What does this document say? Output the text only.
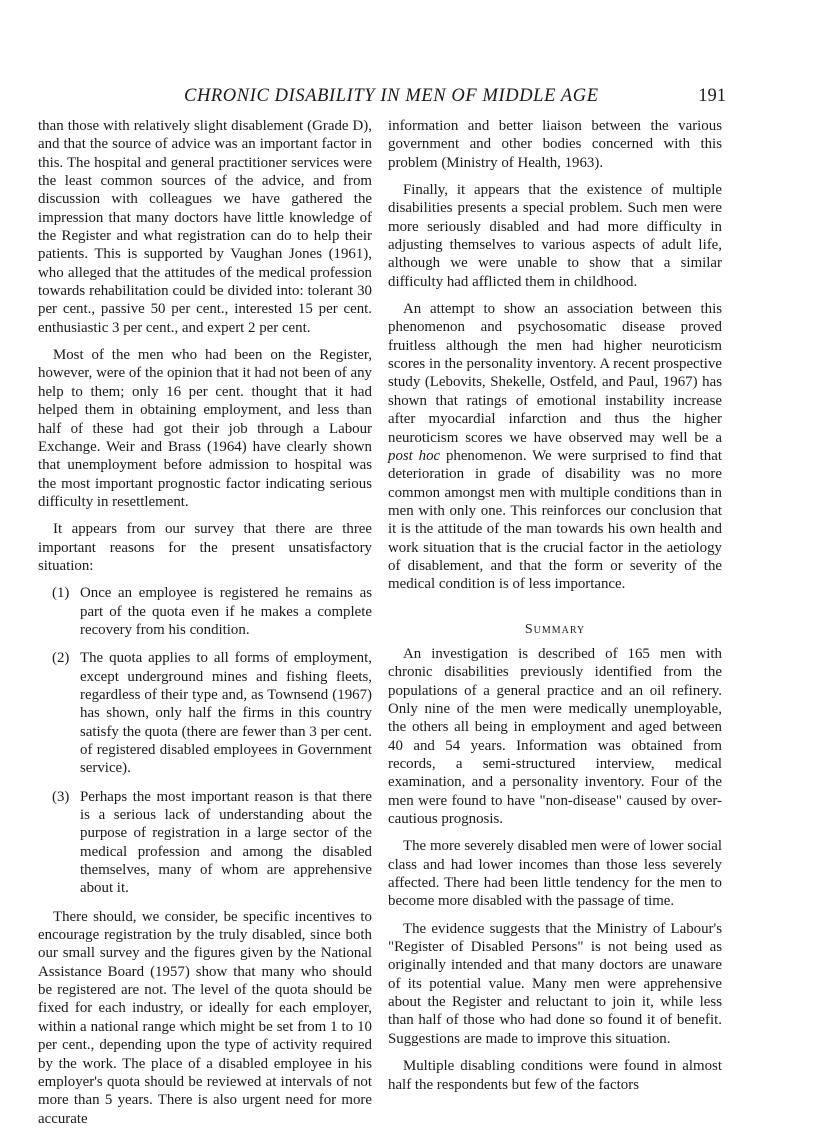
CHRONIC DISABILITY IN MEN OF MIDDLE AGE	191

than those with relatively slight disablement (Grade D), and that the source of advice was an important factor in this. The hospital and general practitioner services were the least common sources of the advice, and from discussion with colleagues we have gathered the impression that many doctors have little knowledge of the Register and what registration can do to help their patients. This is supported by Vaughan Jones (1961), who alleged that the attitudes of the medical profession towards rehabilitation could be divided into: tolerant 30 per cent., passive 50 per cent., interested 15 per cent. enthusiastic 3 per cent., and expert 2 per cent.

Most of the men who had been on the Register, however, were of the opinion that it had not been of any help to them; only 16 per cent. thought that it had helped them in obtaining employment, and less than half of these had got their job through a Labour Exchange. Weir and Brass (1964) have clearly shown that unemployment before admission to hospital was the most important prognostic factor indicating serious difficulty in resettlement.

It appears from our survey that there are three important reasons for the present unsatisfactory situation:

(1) Once an employee is registered he remains as part of the quota even if he makes a complete recovery from his condition.
(2) The quota applies to all forms of employment, except underground mines and fishing fleets, regardless of their type and, as Townsend (1967) has shown, only half the firms in this country satisfy the quota (there are fewer than 3 per cent. of registered disabled employees in Government service).
(3) Perhaps the most important reason is that there is a serious lack of understanding about the purpose of registration in a large sector of the medical profession and among the disabled themselves, many of whom are apprehensive about it.

There should, we consider, be specific incentives to encourage registration by the truly disabled, since both our small survey and the figures given by the National Assistance Board (1957) show that many who should be registered are not. The level of the quota should be fixed for each industry, or ideally for each employer, within a national range which might be set from 1 to 10 per cent., depending upon the type of activity required by the work. The place of a disabled employee in his employer's quota should be reviewed at intervals of not more than 5 years. There is also urgent need for more accurate

information and better liaison between the various government and other bodies concerned with this problem (Ministry of Health, 1963).

Finally, it appears that the existence of multiple disabilities presents a special problem. Such men were more seriously disabled and had more difficulty in adjusting themselves to various aspects of adult life, although we were unable to show that a similar difficulty had afflicted them in childhood.

An attempt to show an association between this phenomenon and psychosomatic disease proved fruitless although the men had higher neuroticism scores in the personality inventory. A recent prospective study (Lebovits, Shekelle, Ostfeld, and Paul, 1967) has shown that ratings of emotional instability increase after myocardial infarction and thus the higher neuroticism scores we have observed may well be a post hoc phenomenon. We were surprised to find that deterioration in grade of disability was no more common amongst men with multiple conditions than in men with only one. This reinforces our conclusion that it is the attitude of the man towards his own health and work situation that is the crucial factor in the aetiology of disablement, and that the form or severity of the medical condition is of less importance.

Summary

An investigation is described of 165 men with chronic disabilities previously identified from the populations of a general practice and an oil refinery. Only nine of the men were medically unemployable, the others all being in employment and aged between 40 and 54 years. Information was obtained from records, a semi-structured interview, medical examination, and a personality inventory. Four of the men were found to have "non-disease" caused by over-cautious prognosis.

The more severely disabled men were of lower social class and had lower incomes than those less severely affected. There had been little tendency for the men to become more disabled with the passage of time.

The evidence suggests that the Ministry of Labour's "Register of Disabled Persons" is not being used as originally intended and that many doctors are unaware of its potential value. Many men were apprehensive about the Register and reluctant to join it, while less than half of those who had done so found it of benefit. Suggestions are made to improve this situation.

Multiple disabling conditions were found in almost half the respondents but few of the factors
